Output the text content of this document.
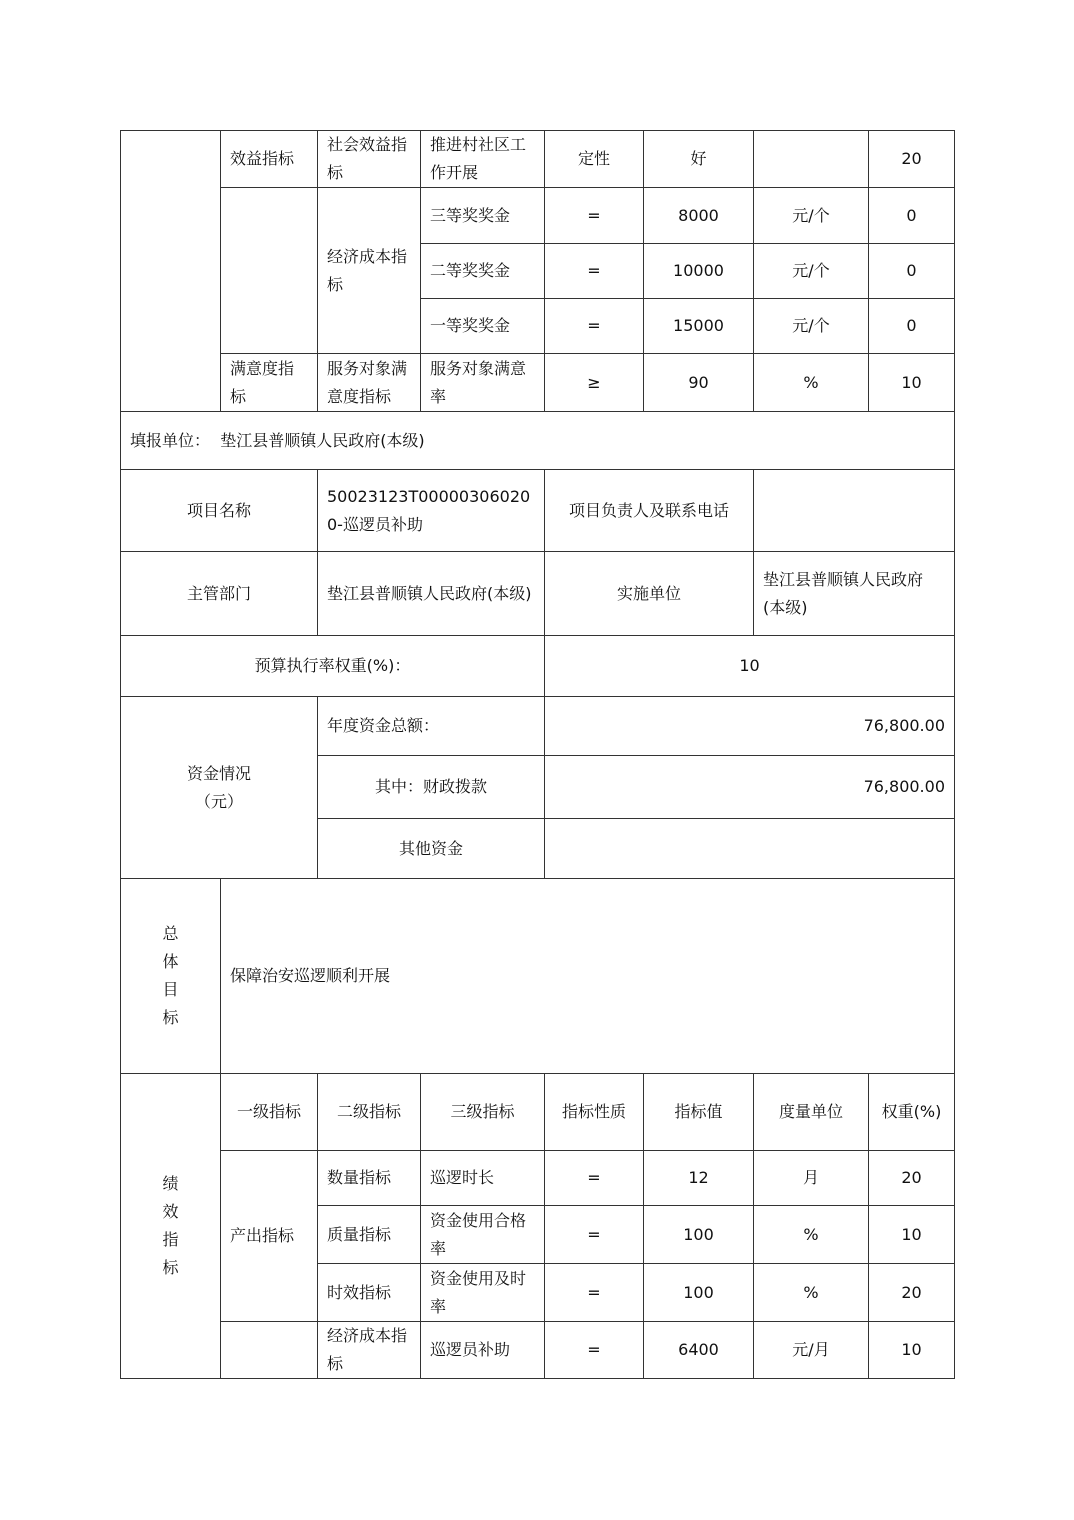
	效益指标	社会效益指标	推进村社区工作开展	定性	好		20
		经济成本指标	三等奖奖金	=	8000	元/个	0
			二等奖奖金	=	10000	元/个	0
			一等奖奖金	=	15000	元/个	0
	满意度指标	服务对象满意度指标	服务对象满意率	≥	90	%	10
填报单位： 垫江县普顺镇人民政府(本级)							
项目名称		50023123T000003060200-巡逻员补助		项目负责人及联系电话			
主管部门		垫江县普顺镇人民政府(本级)		实施单位		垫江县普顺镇人民政府(本级)	
预算执行率权重(%)：				10			
资金情况
（元）		年度资金总额：		76,800.00			
		其中：财政拨款		76,800.00			
		其他资金					

总
体
目
标	保障治安巡逻顺利开展						

绩
效
指
标	一级指标	二级指标	三级指标	指标性质	指标值	度量单位	权重(%)
	产出指标	数量指标	巡逻时长	=	12	月	20
		质量指标	资金使用合格率	=	100	%	10
		时效指标	资金使用及时率	=	100	%	20
		经济成本指标	巡逻员补助	=	6400	元/月	10
